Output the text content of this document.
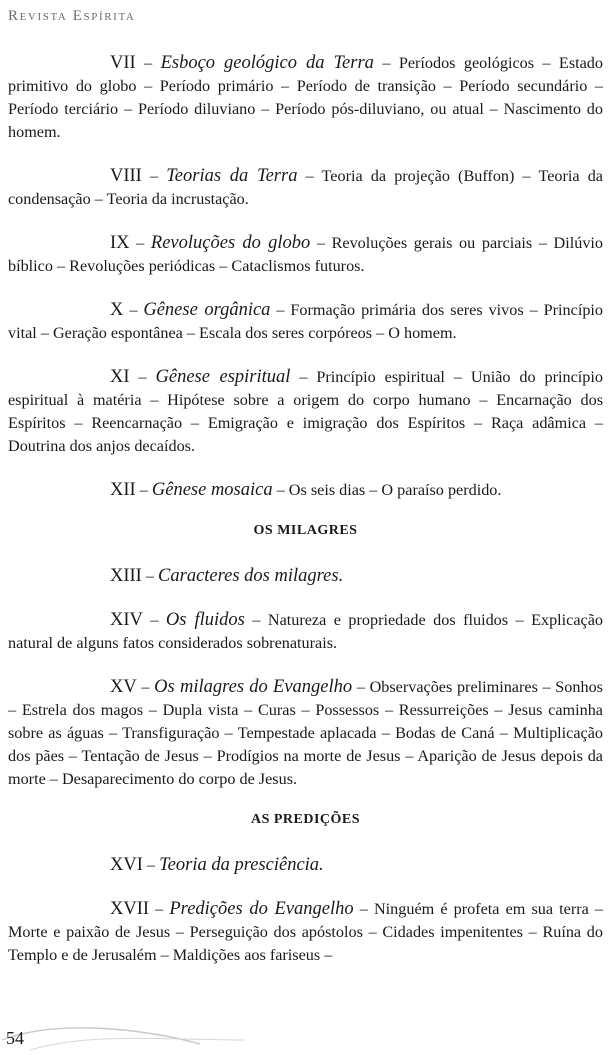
Revista Espírita

VII – Esboço geológico da Terra – Períodos geológicos – Estado primitivo do globo – Período primário – Período de transição – Período secundário – Período terciário – Período diluviano – Período pós-diluviano, ou atual – Nascimento do homem.

VIII – Teorias da Terra – Teoria da projeção (Buffon) – Teoria da condensação – Teoria da incrustação.

IX – Revoluções do globo – Revoluções gerais ou parciais – Dilúvio bíblico – Revoluções periódicas – Cataclismos futuros.

X – Gênese orgânica – Formação primária dos seres vivos – Princípio vital – Geração espontânea – Escala dos seres corpóreos – O homem.

XI – Gênese espiritual – Princípio espiritual – União do princípio espiritual à matéria – Hipótese sobre a origem do corpo humano – Encarnação dos Espíritos – Reencarnação – Emigração e imigração dos Espíritos – Raça adâmica – Doutrina dos anjos decaídos.

XII – Gênese mosaica – Os seis dias – O paraíso perdido.

OS MILAGRES

XIII – Caracteres dos milagres.

XIV – Os fluidos – Natureza e propriedade dos fluidos – Explicação natural de alguns fatos considerados sobrenaturais.

XV – Os milagres do Evangelho – Observações preliminares – Sonhos – Estrela dos magos – Dupla vista – Curas – Possessos – Ressurreições – Jesus caminha sobre as águas – Transfiguração – Tempestade aplacada – Bodas de Caná – Multiplicação dos pães – Tentação de Jesus – Prodígios na morte de Jesus – Aparição de Jesus depois da morte – Desaparecimento do corpo de Jesus.

AS PREDIÇÕES

XVI – Teoria da presciência.

XVII – Predições do Evangelho – Ninguém é profeta em sua terra – Morte e paixão de Jesus – Perseguição dos apóstolos – Cidades impenitentes – Ruína do Templo e de Jerusalém – Maldições aos fariseus –

54
